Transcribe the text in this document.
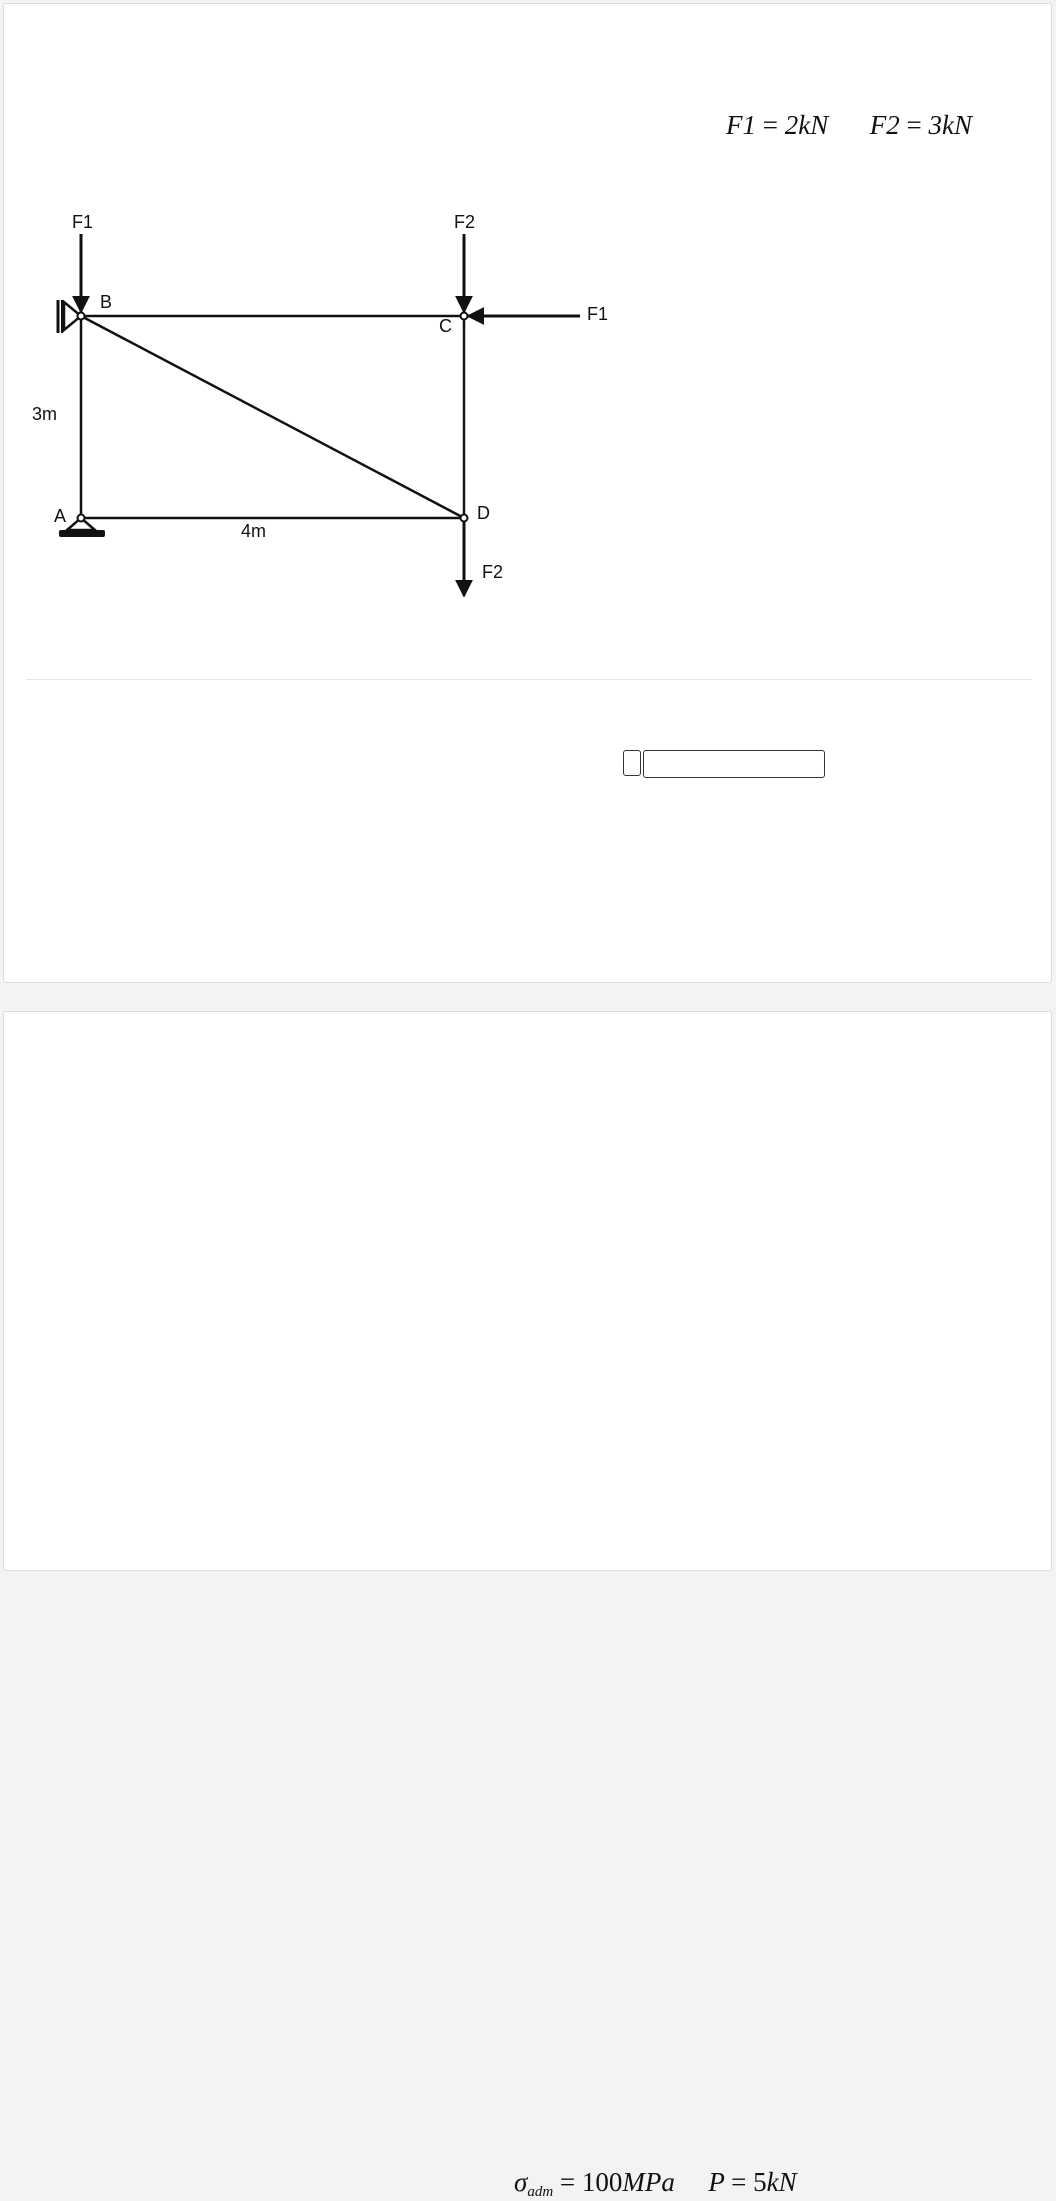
F1 = 2kN F2 = 3kN
F1	F2
F1
F2
B
C
A	D
3m
4m
$\sigma_{adm} = 100MPa$ P = 5kN
